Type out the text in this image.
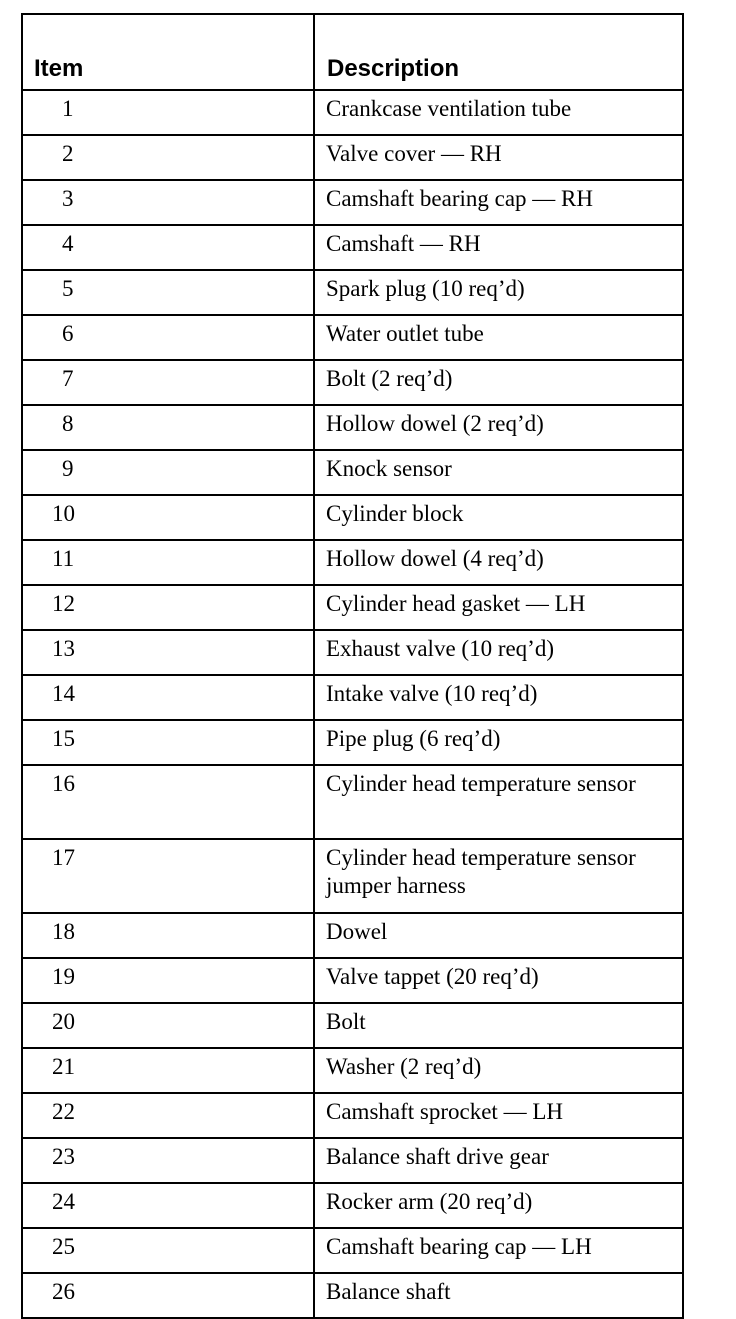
Item	Description
1	Crankcase ventilation tube
2	Valve cover — RH
3	Camshaft bearing cap — RH
4	Camshaft — RH
5	Spark plug (10 req’d)
6	Water outlet tube
7	Bolt (2 req’d)
8	Hollow dowel (2 req’d)
9	Knock sensor
10	Cylinder block
11	Hollow dowel (4 req’d)
12	Cylinder head gasket — LH
13	Exhaust valve (10 req’d)
14	Intake valve (10 req’d)
15	Pipe plug (6 req’d)
16	Cylinder head temperature sensor
17	Cylinder head temperature sensor jumper harness
18	Dowel
19	Valve tappet (20 req’d)
20	Bolt
21	Washer (2 req’d)
22	Camshaft sprocket — LH
23	Balance shaft drive gear
24	Rocker arm (20 req’d)
25	Camshaft bearing cap — LH
26	Balance shaft
